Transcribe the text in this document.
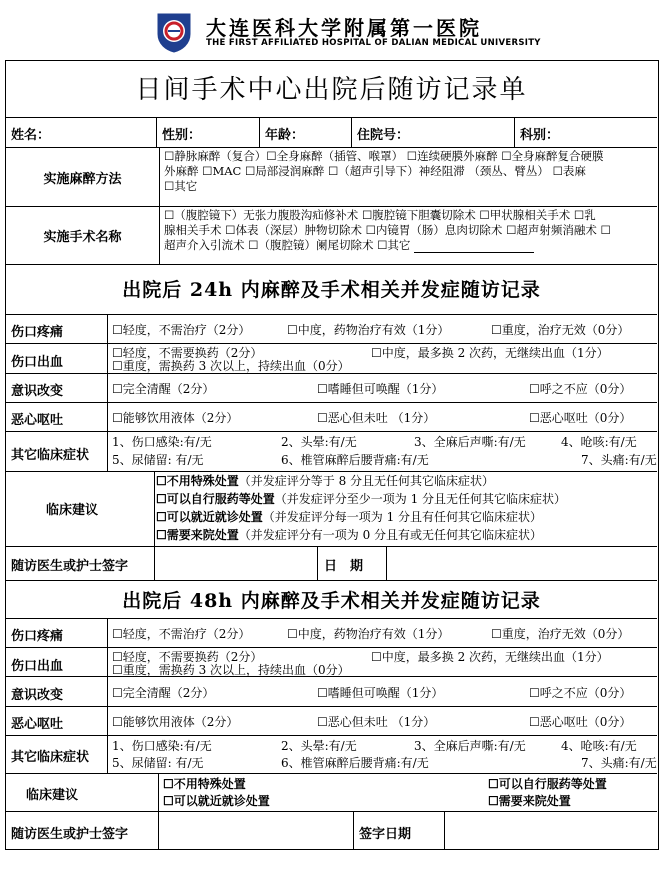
大连医科大学附属第一医院
THE FIRST AFFILIATED HOSPITAL OF DALIAN MEDICAL UNIVERSITY
日间手术中心出院后随访记录单
姓名：	性别：	年龄：	住院号：	科别：
实施麻醉方法
☐静脉麻醉（复合）☐全身麻醉（插管、喉罩） ☐连续硬膜外麻醉 ☐全身麻醉复合硬膜
外麻醉 ☐MAC ☐局部浸润麻醉 ☐（超声引导下）神经阻滞 （颈丛、臂丛） ☐表麻
☐其它
实施手术名称
☐（腹腔镜下）无张力腹股沟疝修补术 ☐腹腔镜下胆囊切除术 ☐甲状腺相关手术 ☐乳
腺相关手术 ☐体表（深层）肿物切除术 ☐内镜胃（肠）息肉切除术 ☐超声射频消融术 ☐
超声介入引流术 ☐（腹腔镜）阑尾切除术 ☐其它
出院后 24h 内麻醉及手术相关并发症随访记录
伤口疼痛	☐轻度，不需治疗（2分）	☐中度，药物治疗有效（1分）	☐重度，治疗无效（0分）
伤口出血
☐轻度，不需要换药（2分）	☐中度，最多换 2 次药，无继续出血（1分）
☐重度，需换药 3 次以上，持续出血（0分）
意识改变	☐完全清醒（2分）	☐嗜睡但可唤醒（1分）	☐呼之不应（0分）
恶心呕吐	☐能够饮用液体（2分）	☐恶心但未吐 （1分）	☐恶心呕吐（0分）
其它临床症状
1、伤口感染:有/无	2、头晕:有/无	3、全麻后声嘶:有/无	4、呛咳:有/无
5、尿储留: 有/无	6、椎管麻醉后腰背痛:有/无	7、头痛:有/无
临床建议
☐不用特殊处置（并发症评分等于 8 分且无任何其它临床症状）
☐可以自行服药等处置（并发症评分至少一项为 1 分且无任何其它临床症状）
☐可以就近就诊处置（并发症评分每一项为 1 分且有任何其它临床症状）
☐需要来院处置（并发症评分有一项为 0 分且有或无任何其它临床症状）
随访医生或护士签字	日　期
出院后 48h 内麻醉及手术相关并发症随访记录
伤口疼痛	☐轻度，不需治疗（2分）	☐中度，药物治疗有效（1分）	☐重度，治疗无效（0分）
伤口出血
☐轻度，不需要换药（2分）	☐中度，最多换 2 次药，无继续出血（1分）
☐重度，需换药 3 次以上，持续出血（0分）
意识改变	☐完全清醒（2分）	☐嗜睡但可唤醒（1分）	☐呼之不应（0分）
恶心呕吐	☐能够饮用液体（2分）	☐恶心但未吐 （1分）	☐恶心呕吐（0分）
其它临床症状
1、伤口感染:有/无	2、头晕:有/无	3、全麻后声嘶:有/无	4、呛咳:有/无
5、尿储留: 有/无	6、椎管麻醉后腰背痛:有/无	7、头痛:有/无
临床建议
☐不用特殊处置	☐可以自行服药等处置
☐可以就近就诊处置	☐需要来院处置
随访医生或护士签字	签字日期
